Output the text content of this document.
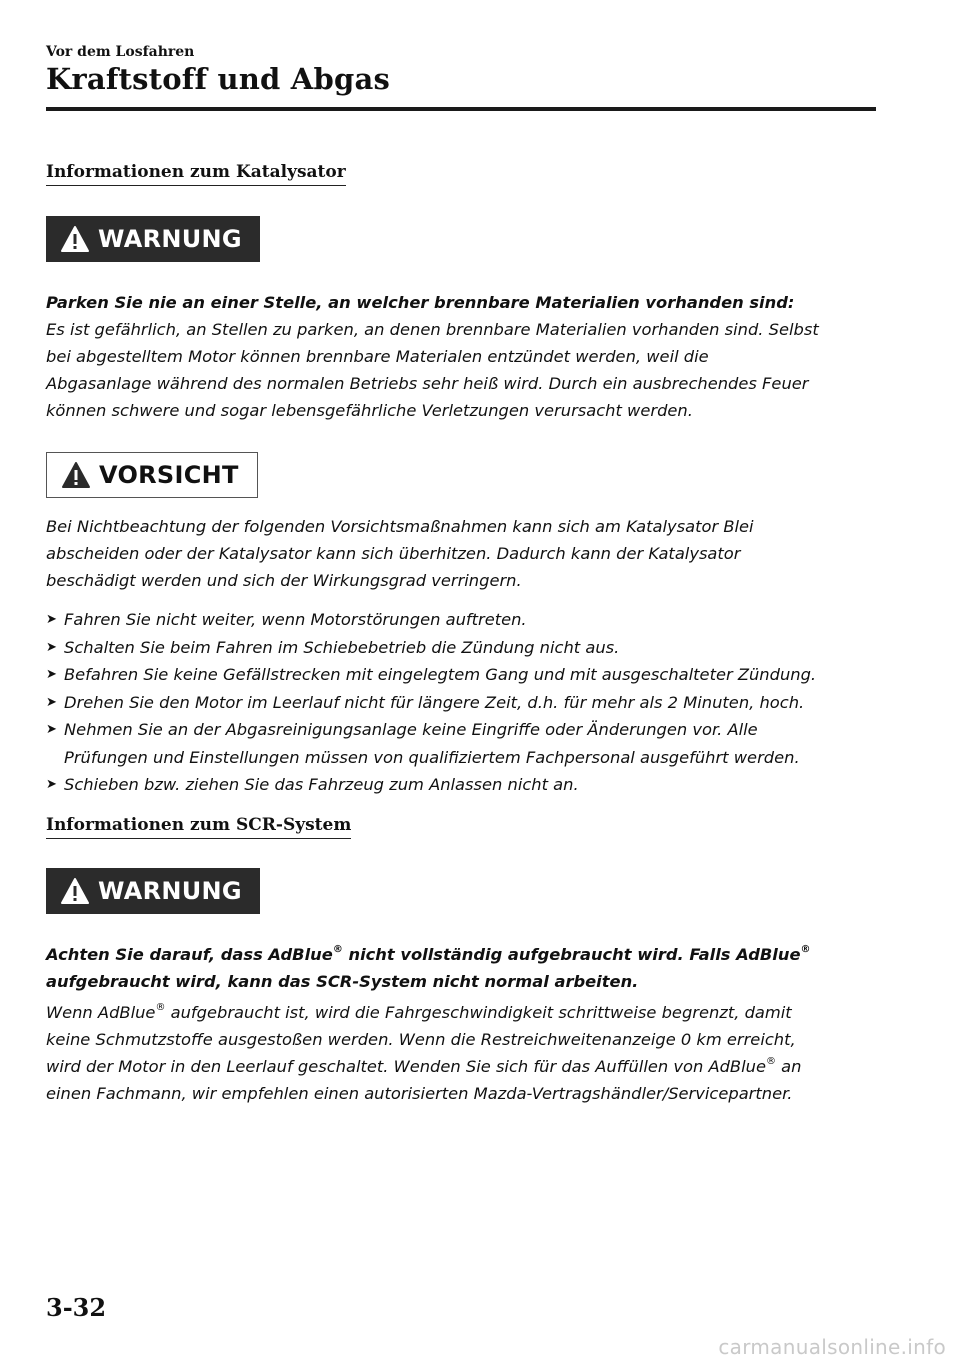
Vor dem Losfahren
Kraftstoff und Abgas
Informationen zum Katalysator
WARNUNG

Parken Sie nie an einer Stelle, an welcher brennbare Materialien vorhanden sind:

Es ist gefährlich, an Stellen zu parken, an denen brennbare Materialien vorhanden sind. Selbst

bei abgestelltem Motor können brennbare Materialen entzündet werden, weil die

Abgasanlage während des normalen Betriebs sehr heiß wird. Durch ein ausbrechendes Feuer

können schwere und sogar lebensgefährliche Verletzungen verursacht werden.

VORSICHT

Bei Nichtbeachtung der folgenden Vorsichtsmaßnahmen kann sich am Katalysator Blei

abscheiden oder der Katalysator kann sich überhitzen. Dadurch kann der Katalysator

beschädigt werden und sich der Wirkungsgrad verringern.

➤ Fahren Sie nicht weiter, wenn Motorstörungen auftreten.
➤ Schalten Sie beim Fahren im Schiebebetrieb die Zündung nicht aus.
➤ Befahren Sie keine Gefällstrecken mit eingelegtem Gang und mit ausgeschalteter Zündung.
➤ Drehen Sie den Motor im Leerlauf nicht für längere Zeit, d.h. für mehr als 2 Minuten, hoch.
➤ Nehmen Sie an der Abgasreinigungsanlage keine Eingriffe oder Änderungen vor. Alle
Prüfungen und Einstellungen müssen von qualifiziertem Fachpersonal ausgeführt werden.
➤ Schieben bzw. ziehen Sie das Fahrzeug zum Anlassen nicht an.
Informationen zum SCR-System
WARNUNG

Achten Sie darauf, dass AdBlue® nicht vollständig aufgebraucht wird. Falls AdBlue®

aufgebraucht wird, kann das SCR-System nicht normal arbeiten.

Wenn AdBlue® aufgebraucht ist, wird die Fahrgeschwindigkeit schrittweise begrenzt, damit

keine Schmutzstoffe ausgestoßen werden. Wenn die Restreichweitenanzeige 0 km erreicht,

wird der Motor in den Leerlauf geschaltet. Wenden Sie sich für das Auffüllen von AdBlue® an

einen Fachmann, wir empfehlen einen autorisierten Mazda-Vertragshändler/Servicepartner.

3-32
carmanualsonline.info
